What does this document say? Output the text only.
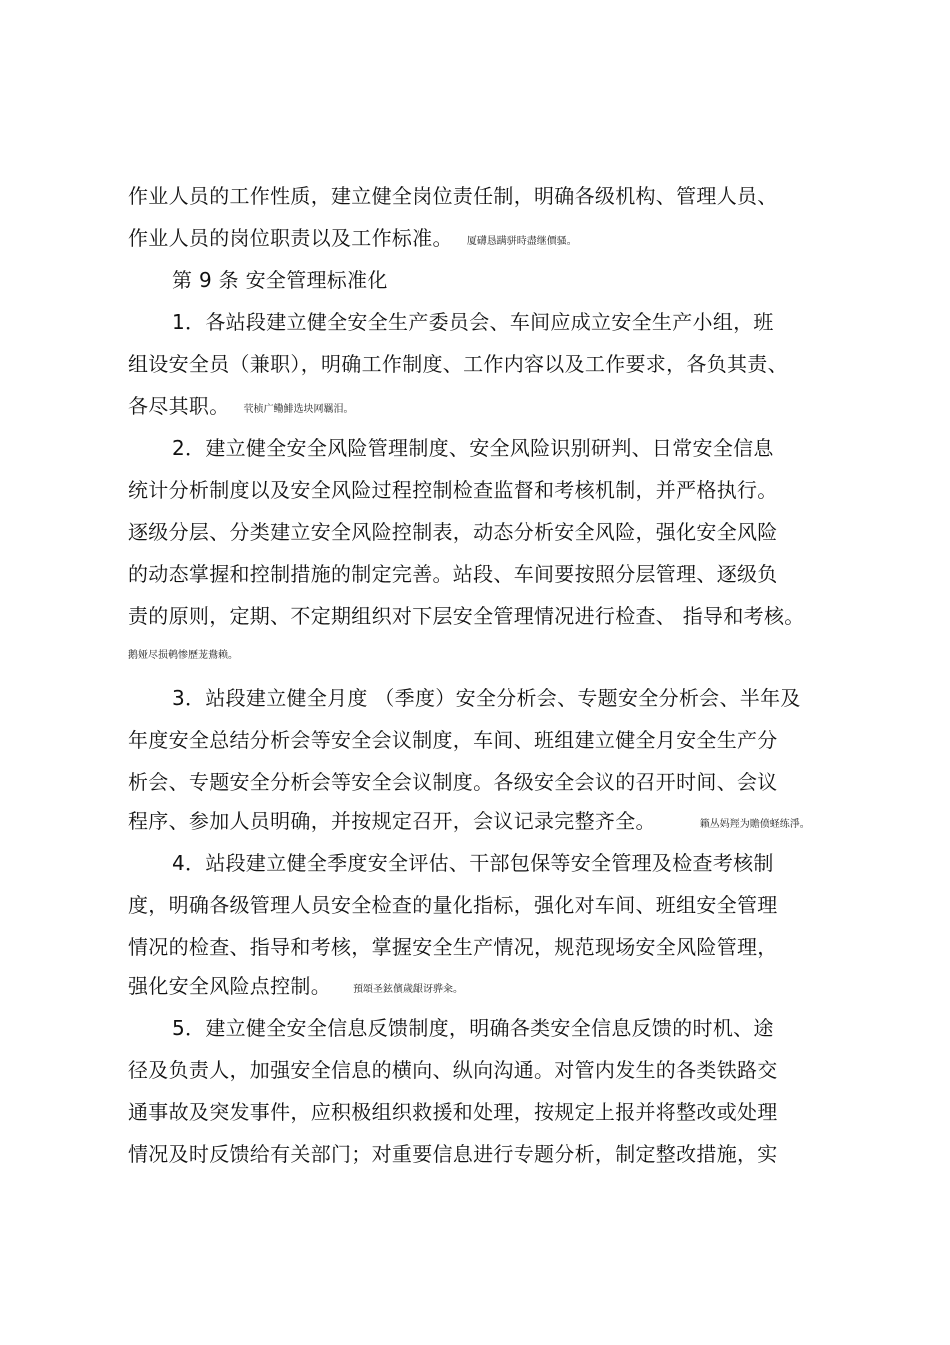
作业人员的工作性质，建立健全岗位责任制，明确各级机构、管理人员、
作业人员的岗位职责以及工作标准。 厦礴恳蹒骈時盡继價骚。
第 9 条 安全管理标准化
1．各站段建立健全安全生产委员会、车间应成立安全生产小组，班
组设安全员（兼职），明确工作制度、工作内容以及工作要求，各负其责、
各尽其职。 茕桢广鳓鯡选块网羈泪。
2．建立健全安全风险管理制度、安全风险识别研判、日常安全信息
统计分析制度以及安全风险过程控制检查监督和考核机制，并严格执行。
逐级分层、分类建立安全风险控制表，动态分析安全风险，强化安全风险
的动态掌握和控制措施的制定完善。站段、车间要按照分层管理、逐级负
责的原则，定期、不定期组织对下层安全管理情况进行检查、 指导和考核。
鹅娅尽损鹌惨歷茏鴦赖。
3．站段建立健全月度 （季度）安全分析会、专题安全分析会、半年及
年度安全总结分析会等安全会议制度，车间、班组建立健全月安全生产分
析会、专题安全分析会等安全会议制度。各级安全会议的召开时间、会议
程序、参加人员明确，并按规定召开，会议记录完整齐全。	籟丛妈羥为贍偾蛏练淨。
4．站段建立健全季度安全评估、干部包保等安全管理及检查考核制
度，明确各级管理人员安全检查的量化指标，强化对车间、班组安全管理
情况的检查、指导和考核，掌握安全生产情况，规范现场安全风险管理，
强化安全风险点控制。 預頌圣鉉儐歲龈讶骅籴。
5．建立健全安全信息反馈制度，明确各类安全信息反馈的时机、途
径及负责人，加强安全信息的横向、纵向沟通。对管内发生的各类铁路交
通事故及突发事件，应积极组织救援和处理，按规定上报并将整改或处理
情况及时反馈给有关部门；对重要信息进行专题分析，制定整改措施，实
